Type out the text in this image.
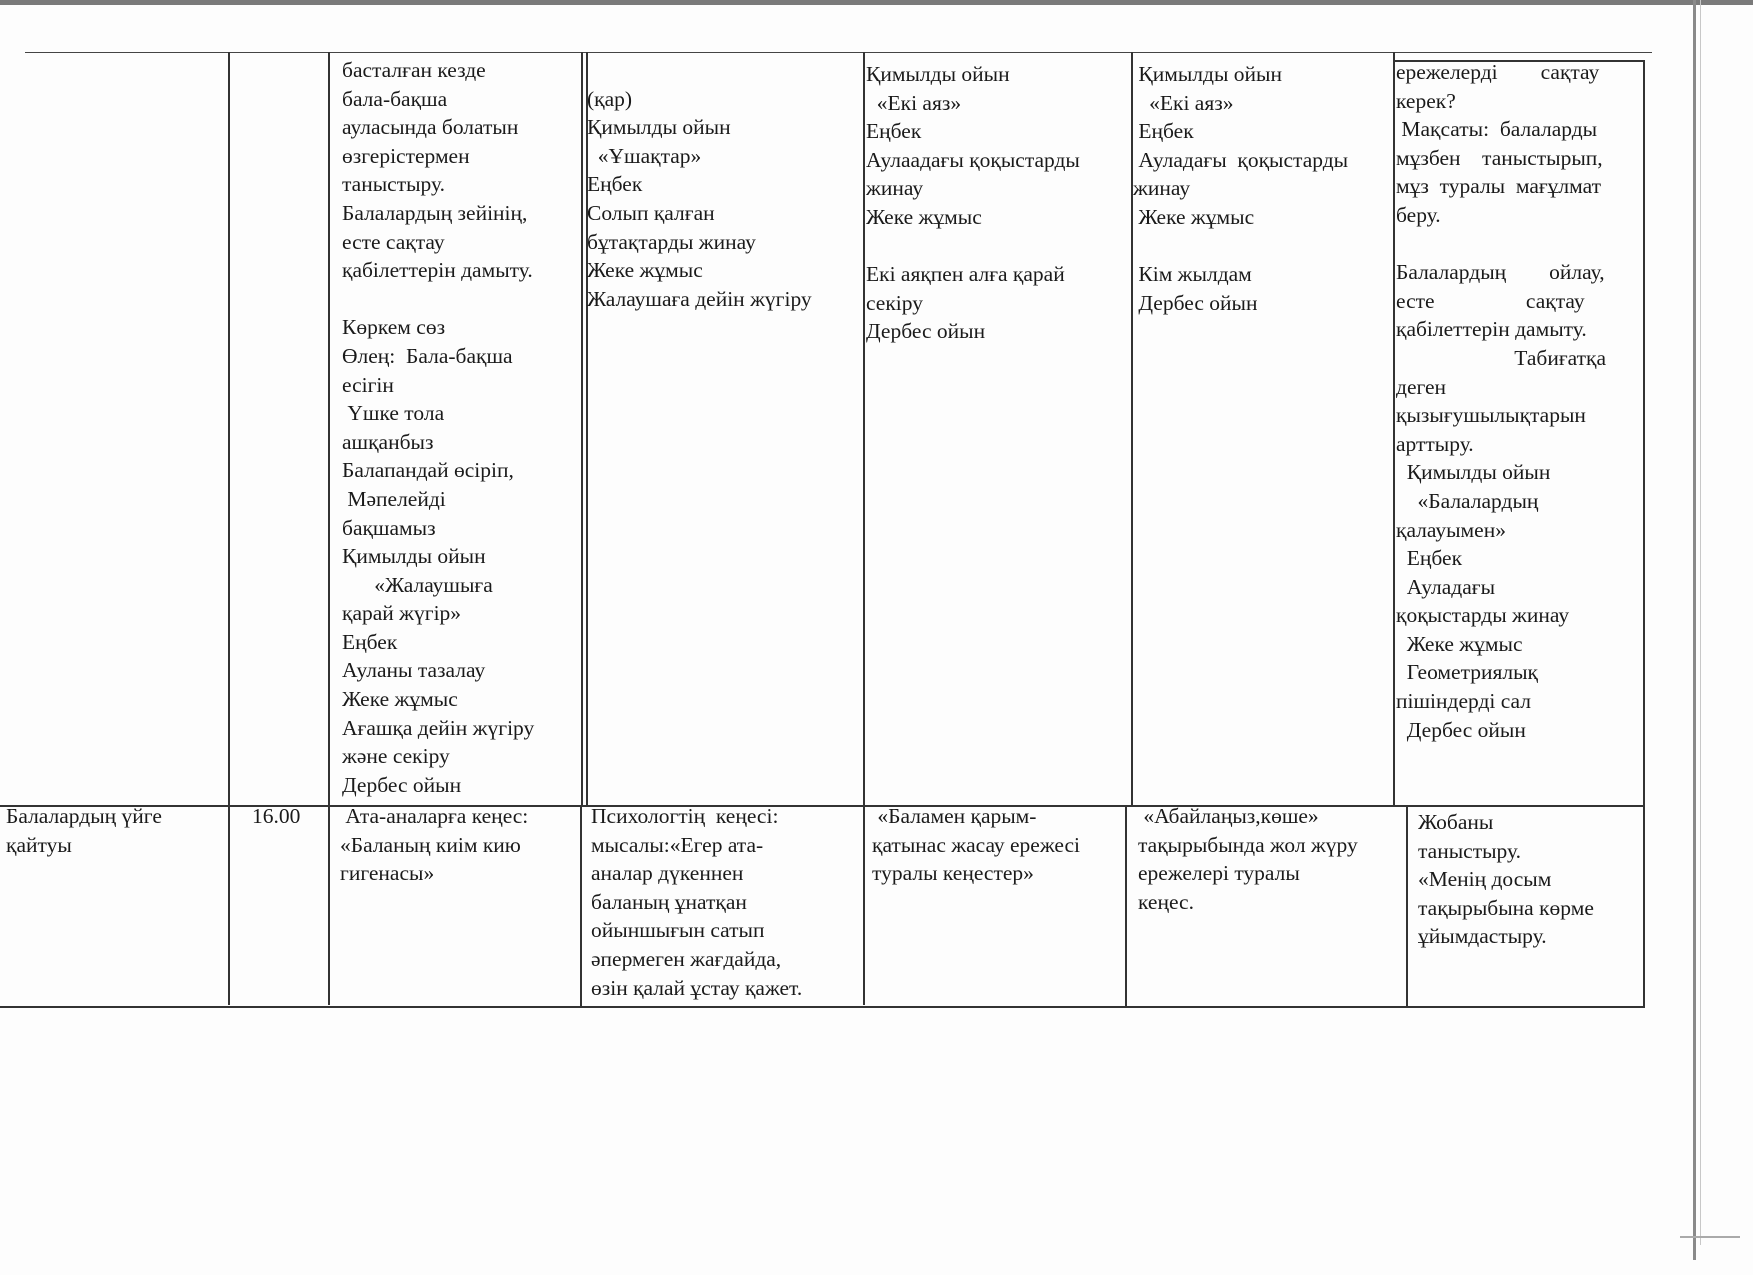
басталған кезде
бала-бақша
ауласында болатын
өзгерістермен
таныстыру.
Балалардың зейінің,
есте сақтау
қабілеттерін дамыту.

Көркем сөз
Өлең:  Бала-бақша
есігін
Үшке тола
ашқанбыз
Балапандай өсіріп,
Мәпелейді
бақшамыз
Қимылды ойын
«Жалаушыға
қарай жүгір»
Еңбек
Ауланы тазалау
Жеке жұмыс
Ағашқа дейін жүгіру
және секіру
Дербес ойын

(қар)
Қимылды ойын
«Ұшақтар»
Еңбек
Солып қалған
бұтақтарды жинау
Жеке жұмыс
Жалаушаға дейін жүгіру
Қимылды ойын
«Екі аяз»
Еңбек
Аулаадағы қоқыстарды
жинау
Жеке жұмыс

Екі аяқпен алға қарай
секіру
Дербес ойын
Қимылды ойын
«Екі аяз»
Еңбек
Ауладағы  қоқыстарды
жинау
Жеке жұмыс

Кім жылдам
Дербес ойын
ережелерді        сақтау
керек?
Мақсаты:  балаларды
мұзбен    таныстырып,
мұз  туралы  мағұлмат
беру.

Балалардың        ойлау,
есте                 сақтау
қабілеттерін дамыту.
Табиғатқа
деген
қызығушылықтарын
арттыру.
Қимылды ойын
«Балалардың
қалауымен»
Еңбек
Ауладағы
қоқыстарды жинау
Жеке жұмыс
Геометриялық
пішіндерді сал
Дербес ойын
Балалардың үйге
қайтуы
16.00	Ата-аналарға кеңес:
«Баланың киім кию
гигенасы»
Психологтің  кеңесі:
мысалы:«Егер ата-
аналар дүкеннен
баланың ұнатқан
ойыншығын сатып
әпермеген жағдайда,
өзін қалай ұстау қажет.
«Баламен қарым-
қатынас жасау ережесі
туралы кеңестер»
«Абайлаңыз,көше»
тақырыбында жол жүру
ережелері туралы
кеңес.
Жобаны
таныстыру.
«Менің досым
тақырыбына көрме
ұйымдастыру.
